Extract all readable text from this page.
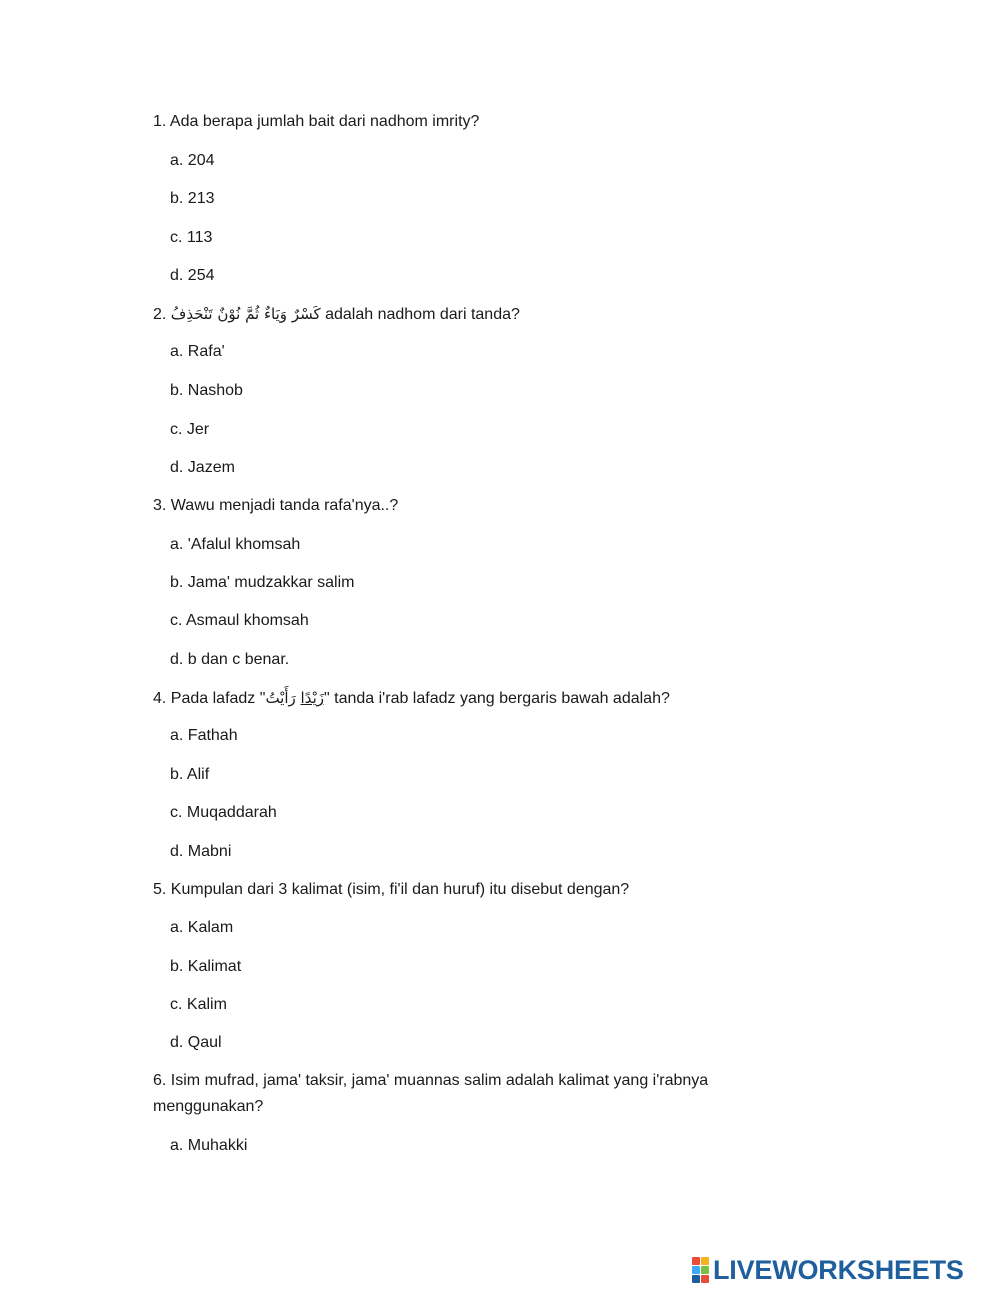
1. Ada berapa jumlah bait dari nadhom imrity?
a. 204
b. 213
c. 113
d. 254
2. كَسْرٌ وَيَاءٌ ثُمَّ نُوْنٌ تَنْحَذِفُ adalah nadhom dari tanda?
a. Rafa'
b. Nashob
c. Jer
d. Jazem
3. Wawu menjadi tanda rafa'nya..?
a. 'Afalul khomsah
b. Jama' mudzakkar salim
c. Asmaul khomsah
d. b dan c benar.
4. Pada lafadz " زَيْدًا رَأَيْتُ " tanda i'rab lafadz yang bergaris bawah adalah?
a. Fathah
b. Alif
c. Muqaddarah
d. Mabni
5. Kumpulan dari 3 kalimat (isim, fi'il dan huruf) itu disebut dengan?
a. Kalam
b. Kalimat
c. Kalim
d. Qaul
6. Isim mufrad, jama' taksir, jama' muannas salim adalah kalimat yang i'rabnya menggunakan?
a. Muhakki
LIVEWORKSHEETS
